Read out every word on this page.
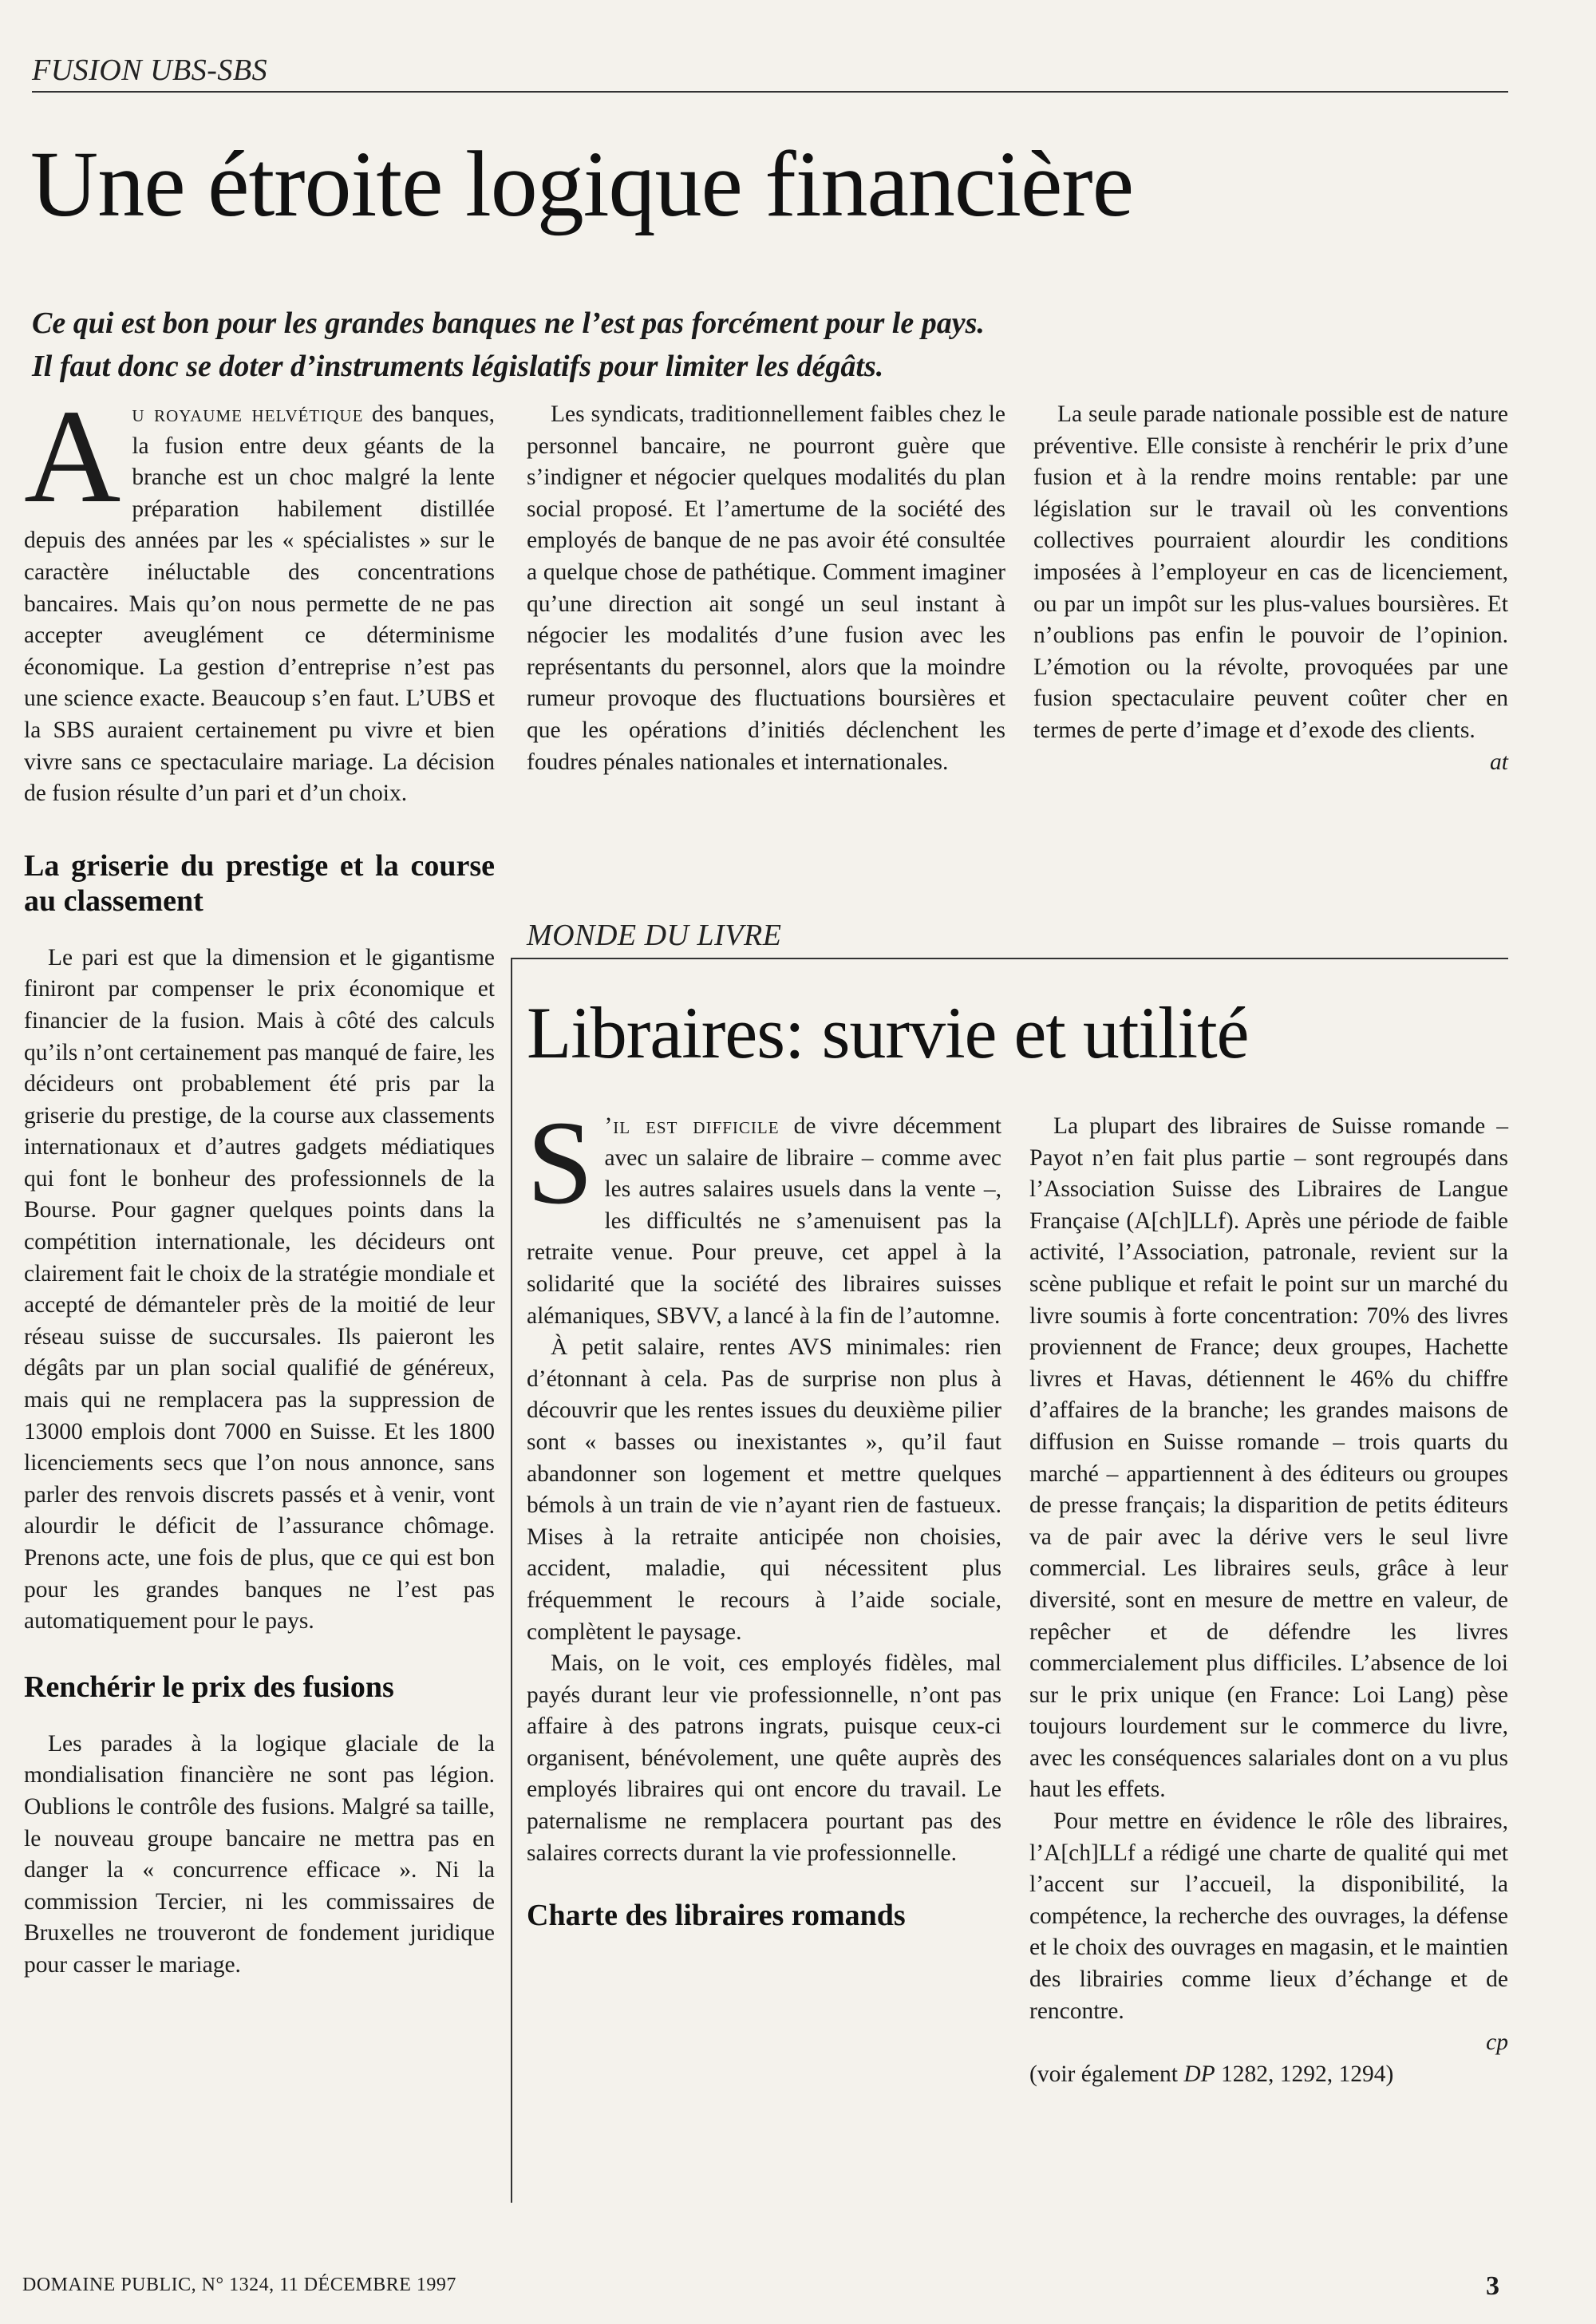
FUSION UBS-SBS
Une étroite logique financière
Ce qui est bon pour les grandes banques ne l’est pas forcément pour le pays.
Il faut donc se doter d’instruments législatifs pour limiter les dégâts.

Au royaume helvétique des banques, la fusion entre deux géants de la branche est un choc malgré la lente préparation habilement distillée depuis des années par les « spécialistes » sur le caractère inéluctable des concentrations bancaires. Mais qu’on nous permette de ne pas accepter aveuglément ce déterminisme économique. La gestion d’entreprise n’est pas une science exacte. Beaucoup s’en faut. L’UBS et la SBS auraient certainement pu vivre et bien vivre sans ce spectaculaire mariage. La décision de fusion résulte d’un pari et d’un choix.

La griserie du prestige et la course au classement

Le pari est que la dimension et le gigantisme finiront par compenser le prix économique et financier de la fusion. Mais à côté des calculs qu’ils n’ont certainement pas manqué de faire, les décideurs ont probablement été pris par la griserie du prestige, de la course aux classements internationaux et d’autres gadgets médiatiques qui font le bonheur des professionnels de la Bourse. Pour gagner quelques points dans la compétition internationale, les décideurs ont clairement fait le choix de la stratégie mondiale et accepté de démanteler près de la moitié de leur réseau suisse de succursales. Ils paieront les dégâts par un plan social qualifié de généreux, mais qui ne remplacera pas la suppression de 13000 emplois dont 7000 en Suisse. Et les 1800 licenciements secs que l’on nous annonce, sans parler des renvois discrets passés et à venir, vont alourdir le déficit de l’assurance chômage. Prenons acte, une fois de plus, que ce qui est bon pour les grandes banques ne l’est pas automatiquement pour le pays.

Renchérir le prix des fusions

Les parades à la logique glaciale de la mondialisation financière ne sont pas légion. Oublions le contrôle des fusions. Malgré sa taille, le nouveau groupe bancaire ne mettra pas en danger la « concurrence efficace ». Ni la commission Tercier, ni les commissaires de Bruxelles ne trouveront de fondement juridique pour casser le mariage.

Les syndicats, traditionnellement faibles chez le personnel bancaire, ne pourront guère que s’indigner et négocier quelques modalités du plan social proposé. Et l’amertume de la société des employés de banque de ne pas avoir été consultée a quelque chose de pathétique. Comment imaginer qu’une direction ait songé un seul instant à négocier les modalités d’une fusion avec les représentants du personnel, alors que la moindre rumeur provoque des fluctuations boursières et que les opérations d’initiés déclenchent les foudres pénales nationales et internationales.

La seule parade nationale possible est de nature préventive. Elle consiste à renchérir le prix d’une fusion et à la rendre moins rentable: par une législation sur le travail où les conventions collectives pourraient alourdir les conditions imposées à l’employeur en cas de licenciement, ou par un impôt sur les plus-values boursières. Et n’oublions pas enfin le pouvoir de l’opinion. L’émotion ou la révolte, provoquées par une fusion spectaculaire peuvent coûter cher en termes de perte d’image et d’exode des clients.

at
MONDE DU LIVRE
Libraires: survie et utilité

S ’il est difficile de vivre décemment avec un salaire de libraire – comme avec les autres salaires usuels dans la vente –, les difficultés ne s’amenuisent pas la retraite venue. Pour preuve, cet appel à la solidarité que la société des libraires suisses alémaniques, SBVV, a lancé à la fin de l’automne.

À petit salaire, rentes AVS minimales: rien d’étonnant à cela. Pas de surprise non plus à découvrir que les rentes issues du deuxième pilier sont « basses ou inexistantes », qu’il faut abandonner son logement et mettre quelques bémols à un train de vie n’ayant rien de fastueux. Mises à la retraite anticipée non choisies, accident, maladie, qui nécessitent plus fréquemment le recours à l’aide sociale, complètent le paysage.

Mais, on le voit, ces employés fidèles, mal payés durant leur vie professionnelle, n’ont pas affaire à des patrons ingrats, puisque ceux-ci organisent, bénévolement, une quête auprès des employés libraires qui ont encore du travail. Le paternalisme ne remplacera pourtant pas des salaires corrects durant la vie professionnelle.

Charte des libraires romands

La plupart des libraires de Suisse romande – Payot n’en fait plus partie – sont regroupés dans l’Association Suisse des Libraires de Langue Française (A[ch]LLf). Après une période de faible activité, l’Association, patronale, revient sur la scène publique et refait le point sur un marché du livre soumis à forte concentration: 70% des livres proviennent de France; deux groupes, Hachette livres et Havas, détiennent le 46% du chiffre d’affaires de la branche; les grandes maisons de diffusion en Suisse romande – trois quarts du marché – appartiennent à des éditeurs ou groupes de presse français; la disparition de petits éditeurs va de pair avec la dérive vers le seul livre commercial. Les libraires seuls, grâce à leur diversité, sont en mesure de mettre en valeur, de repêcher et de défendre les livres commercialement plus difficiles. L’absence de loi sur le prix unique (en France: Loi Lang) pèse toujours lourdement sur le commerce du livre, avec les conséquences salariales dont on a vu plus haut les effets.

Pour mettre en évidence le rôle des libraires, l’A[ch]LLf a rédigé une charte de qualité qui met l’accent sur l’accueil, la disponibilité, la compétence, la recherche des ouvrages, la défense et le choix des ouvrages en magasin, et le maintien des librairies comme lieux d’échange et de rencontre.

cp

(voir également DP 1282, 1292, 1294)

DOMAINE PUBLIC, N° 1324, 11 DÉCEMBRE 1997	3
